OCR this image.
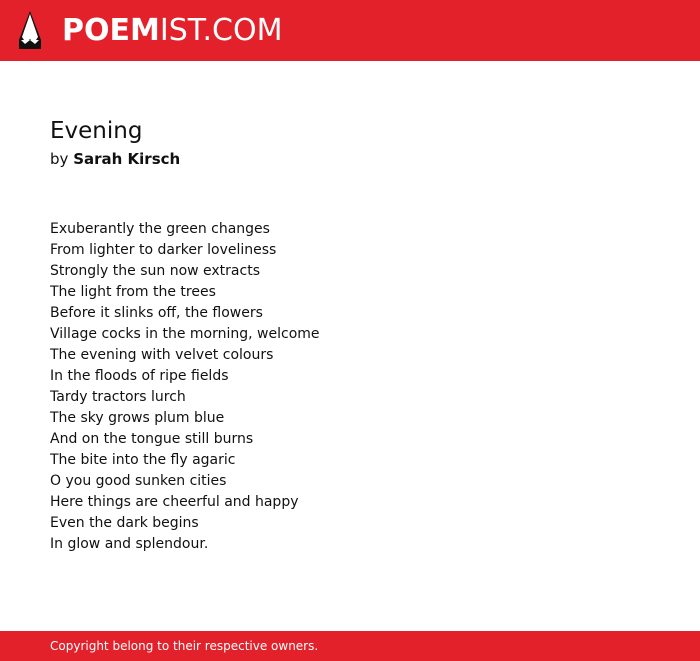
POEMIST.COM
Evening
by Sarah Kirsch
Exuberantly the green changes
From lighter to darker loveliness
Strongly the sun now extracts
The light from the trees
Before it slinks off, the flowers
Village cocks in the morning, welcome
The evening with velvet colours
In the floods of ripe fields
Tardy tractors lurch
The sky grows plum blue
And on the tongue still burns
The bite into the fly agaric
O you good sunken cities
Here things are cheerful and happy
Even the dark begins
In glow and splendour.
Copyright belong to their respective owners.
